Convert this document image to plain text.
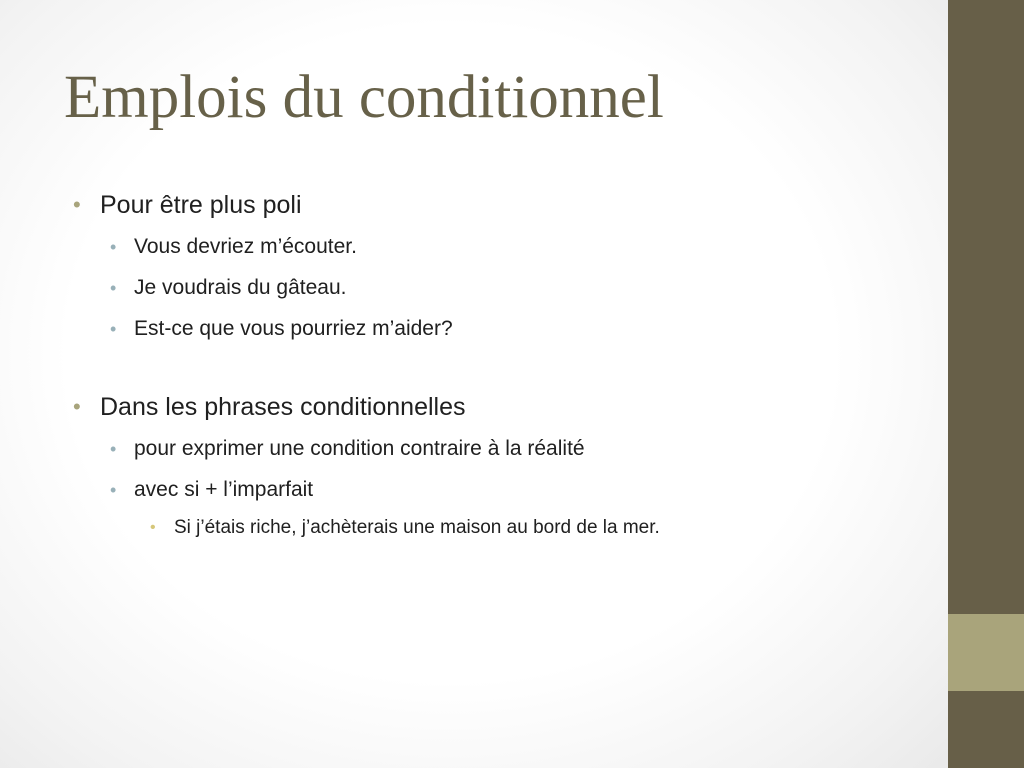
Emplois du conditionnel
• Pour être plus poli
• Vous devriez m’écouter.
• Je voudrais du gâteau.
• Est-ce que vous pourriez m’aider?
• Dans les phrases conditionnelles
• pour exprimer une condition contraire à la réalité
• avec si + l’imparfait
• Si j’étais riche, j’achèterais une maison au bord de la mer.
